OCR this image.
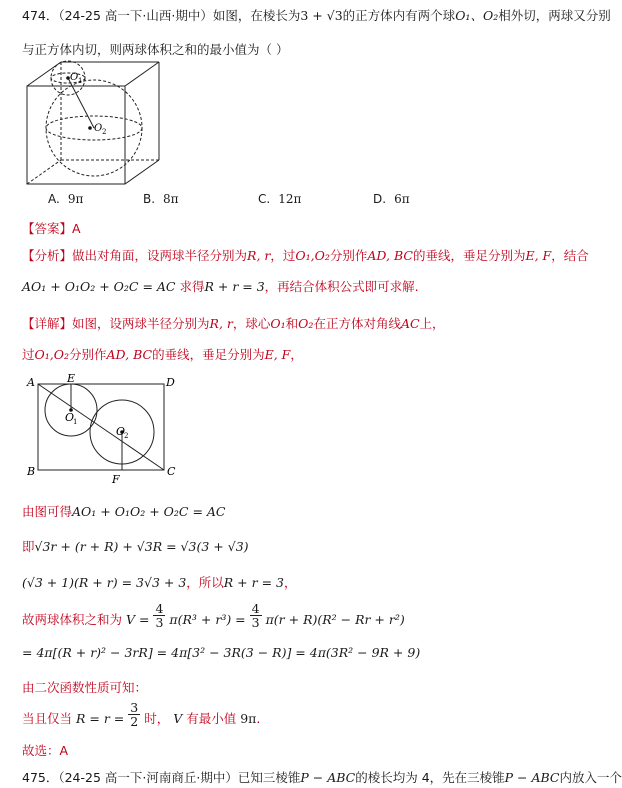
474．（24-25 高一下·山西·期中）如图，在棱长为3 + √3的正方体内有两个球O₁、O₂相外切，两球又分别
与正方体内切，则两球体积之和的最小值为（ ）
O 1
O 2
A. 9π	B. 8π	C. 12π	D. 6π
【答案】A
【分析】做出对角面，设两球半径分别为R, r，过O₁,O₂分别作AD, BC的垂线，垂足分别为E, F，结合
AO₁ + O₁O₂ + O₂C = AC 求得R + r = 3，再结合体积公式即可求解.
【详解】如图，设两球半径分别为R, r，球心O₁和O₂在正方体对角线AC上，
过O₁,O₂分别作AD, BC的垂线，垂足分别为E, F，
A
B	C
D
E
F
O
O
1
2
由图可得AO₁ + O₁O₂ + O₂C = AC
即√3r + (r + R) + √3R = √3(3 + √3)
(√3 + 1)(R + r) = 3√3 + 3，所以R + r = 3，
故两球体积之和为 $V = \frac{4}{3} \pi(R^3 + r^3) = \frac{4}{3} \pi(r + R)(R^2 - Rr + r^2)$
= 4π[(R + r)² − 3rR] = 4π[3² − 3R(3 − R)] = 4π(3R² − 9R + 9)
由二次函数性质可知：
当且仅当 $R = r = \frac{3}{2}$ 时， V 有最小值 9π.
故选：A
475．（24-25 高一下·河南商丘·期中）已知三棱锥P − ABC的棱长均为 4，先在三棱锥P − ABC内放入一个
